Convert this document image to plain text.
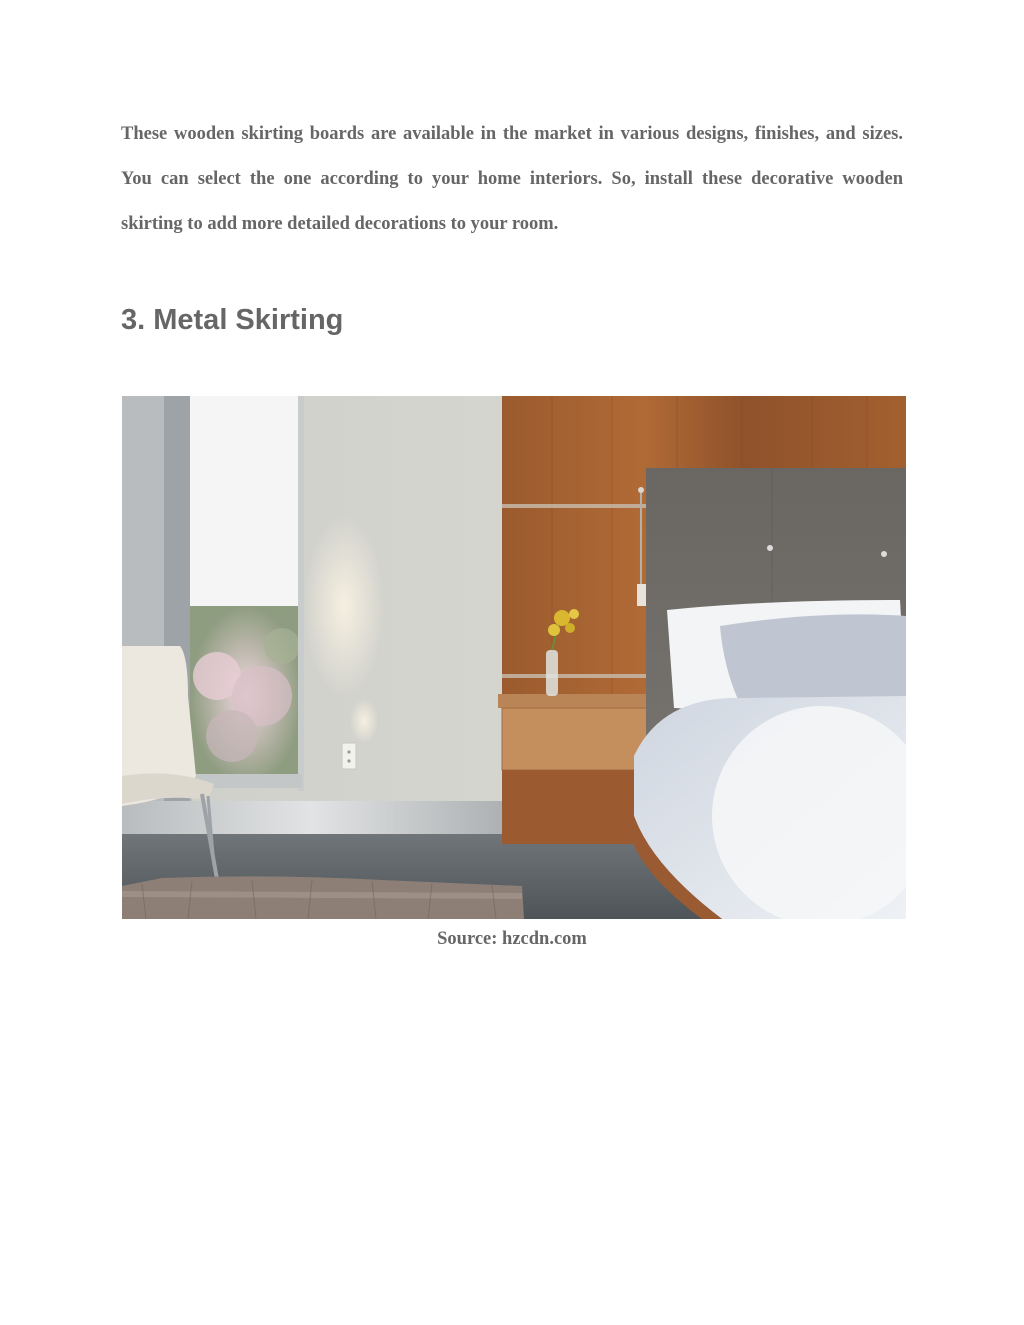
These wooden skirting boards are available in the market in various designs, finishes, and sizes. You can select the one according to your home interiors. So, install these decorative wooden skirting to add more detailed decorations to your room.

3. Metal Skirting

Source: hzcdn.com
